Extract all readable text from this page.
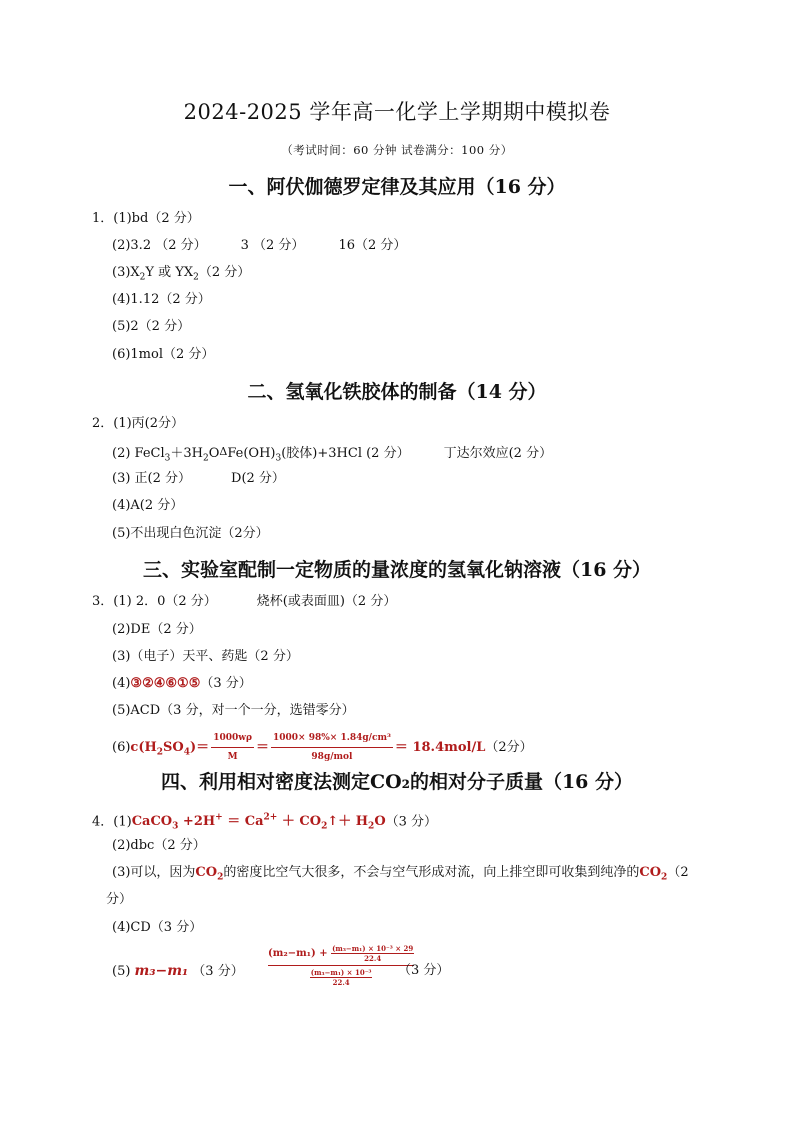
2024-2025 学年高一化学上学期期中模拟卷
（考试时间：60 分钟 试卷满分：100 分）
一、阿伏伽德罗定律及其应用（16 分）
1．(1)bd（2 分）
(2)3.2 （2 分）	3 （2 分）	16（2 分）
$(3)X_2Y$ 或 $YX_2(2$ 分）
(4)1.12（2 分）
(5)2（2 分）
(6)1mol（2 分）
二、氢氧化铁胶体的制备（14 分）
2．(1)丙(2分）
(2) $FeCl_3+3H_2O\Delta Fe(OH)_3$(胶体)+3HCl (2 分）	丁达尔效应(2 分）
(3) 正(2 分）	D(2 分）
(4)A(2 分）
(5)不出现白色沉淀（2分）
三、实验室配制一定物质的量浓度的氢氧化钠溶液（16 分）
3．(1) 2．0（2 分）	烧杯(或表面皿)（2 分）
(2)DE（2 分）
(3)（电子）天平、药匙（2 分）
(4)③②④⑥①⑤（3 分）
(5)ACD（3 分，对一个一分，选错零分）
$(6)c(H_2SO_4)= \frac{1000w\rho}{M} = \frac{\text{1000× 98\%× 1.84g/cm³}}{\text{98g/mol}} = 18.4mol/L(2$分）
四、利用相对密度法测定CO₂的相对分子质量（16 分）
4．(1)CaCO$_3$ $+2H^+ = Ca^{2+}$ ＋ $CO_2↑+ H_2O(3$ 分）
(2)dbc（2 分）
(3)可以，因为$CO_2$的密度比空气大很多，不会与空气形成对流，向上排空即可收集到纯净的$CO_2(2$
分）
(4)CD（3 分）
(5) m₃−m₁ （3 分） $\frac{(m_2-m_1) + \frac{\text{(m₃−m₁) × 10⁻³ × 29}}{22.4}}{\frac{\text{(m₃−m₁) × 10⁻³}}{22.4}}$
（3 分）
